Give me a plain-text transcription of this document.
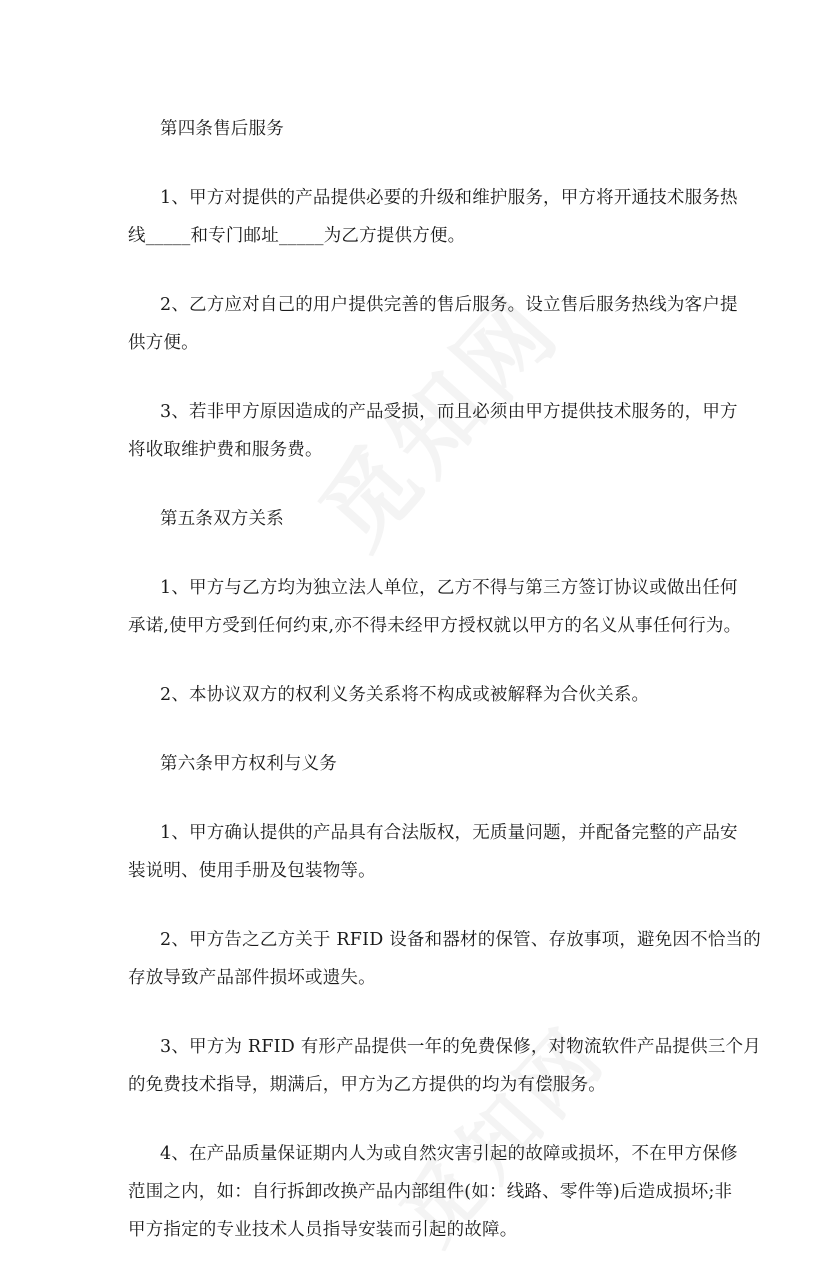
第四条售后服务
1、甲方对提供的产品提供必要的升级和维护服务，甲方将开通技术服务热
线_____和专门邮址_____为乙方提供方便。
2、乙方应对自己的用户提供完善的售后服务。设立售后服务热线为客户提
供方便。
3、若非甲方原因造成的产品受损，而且必须由甲方提供技术服务的，甲方
将收取维护费和服务费。
第五条双方关系
1、甲方与乙方均为独立法人单位，乙方不得与第三方签订协议或做出任何
承诺,使甲方受到任何约束,亦不得未经甲方授权就以甲方的名义从事任何行为。
2、本协议双方的权利义务关系将不构成或被解释为合伙关系。
第六条甲方权利与义务
1、甲方确认提供的产品具有合法版权，无质量问题，并配备完整的产品安
装说明、使用手册及包装物等。
2、甲方告之乙方关于 RFID 设备和器材的保管、存放事项，避免因不恰当的
存放导致产品部件损坏或遗失。
3、甲方为 RFID 有形产品提供一年的免费保修，对物流软件产品提供三个月
的免费技术指导，期满后，甲方为乙方提供的均为有偿服务。
4、在产品质量保证期内人为或自然灾害引起的故障或损坏，不在甲方保修
范围之内，如：自行拆卸改换产品内部组件(如：线路、零件等)后造成损坏;非
甲方指定的专业技术人员指导安装而引起的故障。
